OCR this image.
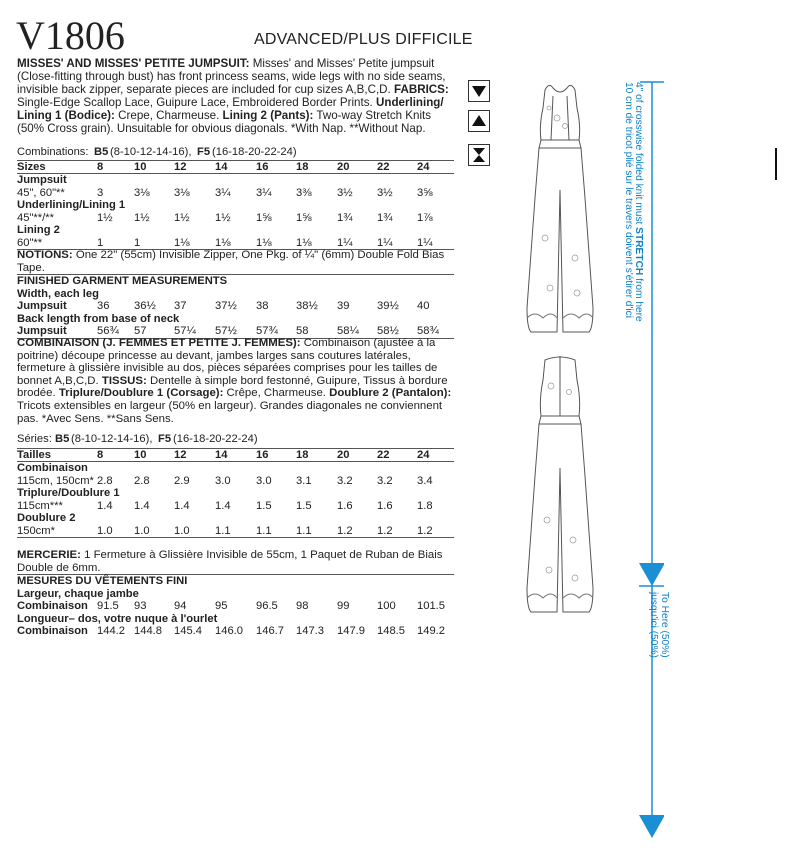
V1806	ADVANCED/PLUS DIFFICILE
MISSES' AND MISSES' PETITE JUMPSUIT: Misses' and Misses' Petite jumpsuit (Close-fitting through bust) has front princess seams, wide legs with no side seams, invisible back zipper, separate pieces are included for cup sizes A,B,C,D. FABRICS: Single-Edge Scallop Lace, Guipure Lace, Embroidered Border Prints. Underlining/ Lining 1 (Bodice): Crepe, Charmeuse. Lining 2 (Pants): Two-way Stretch Knits (50% Cross grain). Unsuitable for obvious diagonals. *With Nap. **Without Nap.
Combinations: B5 (8-10-12-14-16), F5 (16-18-20-22-24)
Sizes	8	10 12	14	16 18	20 22 24
Jumpsuit
45", 60"**	3	3⅛ 3⅛ 3¼ 3¼ 3⅜ 3½ 3½ 3⅝
Underlining/Lining 1
45"**/**	1½ 1½ 1½ 1½ 1⅝ 1⅝ 1¾ 1¾ 1⅞
Lining 2
60"**	1	1	1⅛ 1⅛ 1⅛ 1⅛ 1¼ 1¼ 1¼
NOTIONS: One 22" (55cm) Invisible Zipper, One Pkg. of ¼" (6mm) Double Fold Bias Tape.
FINISHED GARMENT MEASUREMENTS
Width, each leg
Jumpsuit	36 36½ 37	37½ 38 38½ 39 39½ 40
Back length from base of neck
Jumpsuit	56¾ 57 57¼ 57½ 57¾ 58	58¼ 58½ 58¾
COMBINAISON (J. FEMMES ET PETITE J. FEMMES): Combinaison (ajustée à la poitrine) découpe princesse au devant, jambes larges sans coutures latérales, fermeture à glissière invisible au dos, pièces séparées comprises pour les tailles de bonnet A,B,C,D. TISSUS: Dentelle à simple bord festonné, Guipure, Tissus à bordure brodée. Triplure/Doublure 1 (Corsage): Crêpe, Charmeuse. Doublure 2 (Pantalon): Tricots extensibles en largeur (50% en largeur). Grandes diagonales ne conviennent pas. *Avec Sens. **Sans Sens.
Séries: B5 (8-10-12-14-16), F5 (16-18-20-22-24)
Tailles	8	10 12	14	16 18	20 22 24
Combinaison
115cm, 150cm* 2.8 2.8 2.9 3.0 3.0 3.1 3.2 3.2 3.4
Triplure/Doublure 1
115cm***	1.4 1.4 1.4 1.4 1.5 1.5 1.6 1.6 1.8
Doublure 2
150cm*	1.0 1.0 1.0 1.1 1.1 1.1 1.2 1.2 1.2
MERCERIE: 1 Fermeture à Glissière Invisible de 55cm, 1 Paquet de Ruban de Biais Double de 6mm.
MESURES DU VÊTEMENTS FINI
Largeur, chaque jambe
Combinaison 91.5 93 94	95	96.5 98	99 100 101.5
Longueur– dos, votre nuque à l'ourlet
Combinaison 144.2 144.8 145.4 146.0 146.7 147.3 147.9 148.5 149.2
4" of crosswise folded knit must STRETCH from here
10 cm de tricot plié sur le travers doivent s'étirer d'ici
To Here (50%)
jusqu'ici (50%)
